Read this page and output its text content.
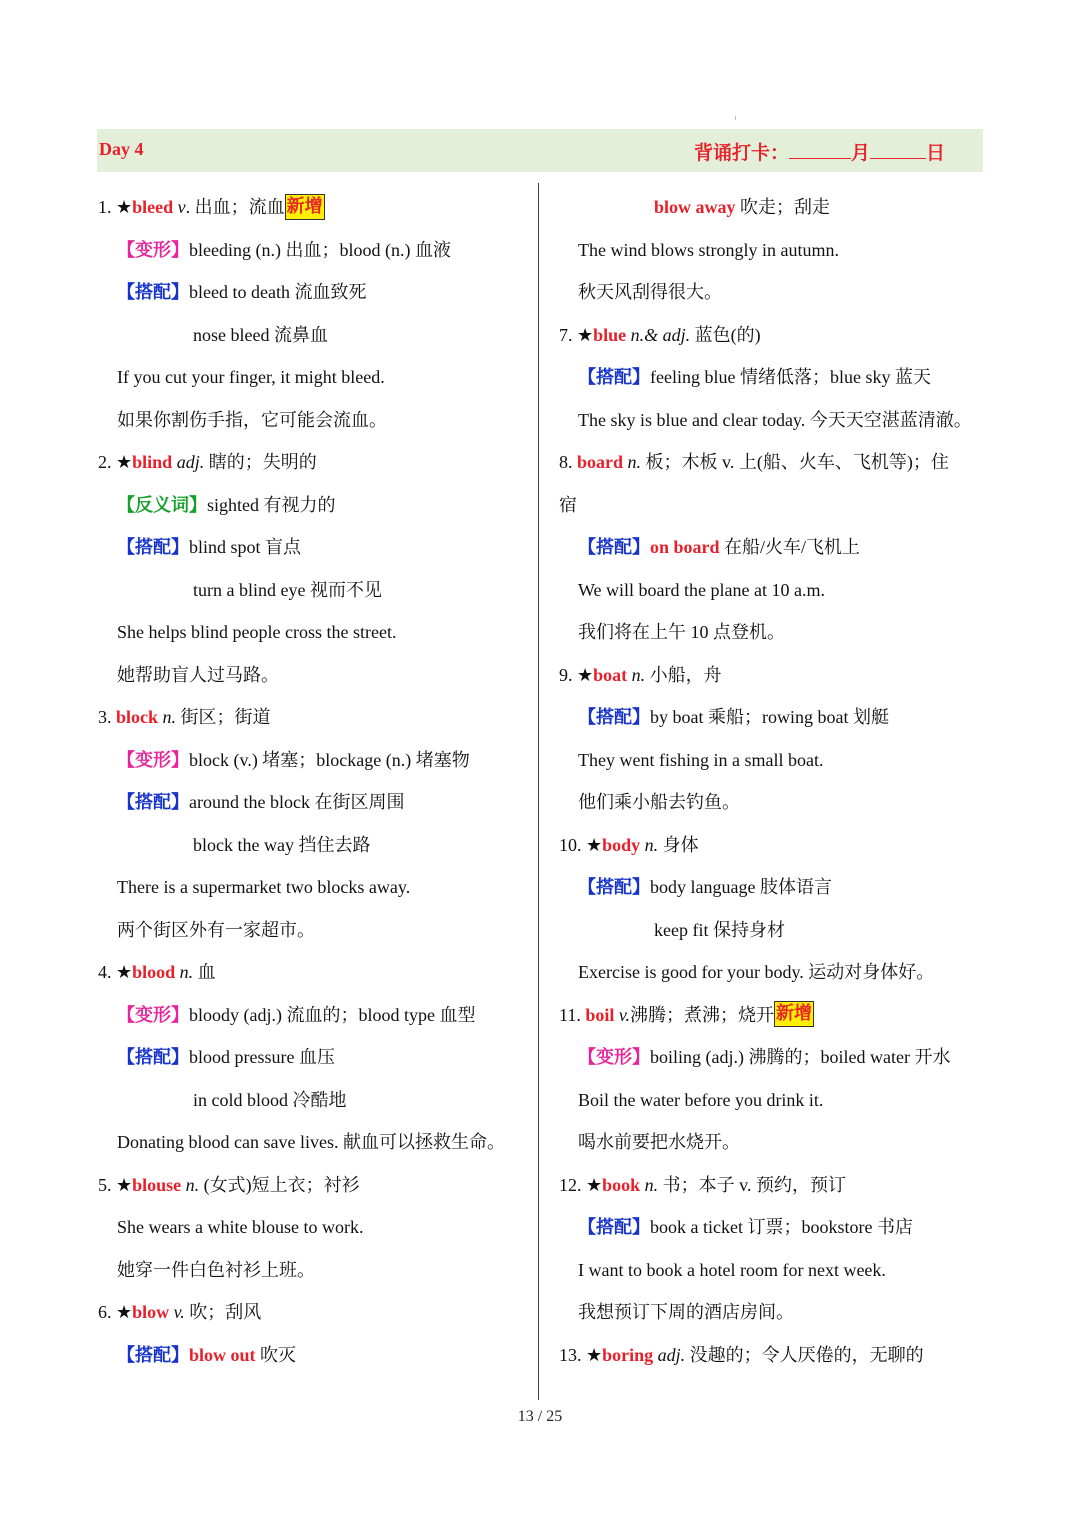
Day 4	背诵打卡：	月	日
1. ★bleed v. 出血；流血 新增
【变形】bleeding (n.) 出血；blood (n.) 血液
【搭配】bleed to death 流血致死
nose bleed 流鼻血
If you cut your finger, it might bleed.
如果你割伤手指，它可能会流血。
2. ★blind adj. 瞎的；失明的
【反义词】sighted 有视力的
【搭配】blind spot 盲点
turn a blind eye 视而不见
She helps blind people cross the street.
她帮助盲人过马路。
3. block n. 街区；街道
【变形】block (v.) 堵塞；blockage (n.) 堵塞物
【搭配】around the block 在街区周围
block the way 挡住去路
There is a supermarket two blocks away.
两个街区外有一家超市。
4. ★blood n. 血
【变形】bloody (adj.) 流血的；blood type 血型
【搭配】blood pressure 血压
in cold blood 冷酷地
Donating blood can save lives. 献血可以拯救生命。
5. ★blouse n. (女式)短上衣；衬衫
She wears a white blouse to work.
她穿一件白色衬衫上班。
6. ★blow v. 吹；刮风
【搭配】blow out 吹灭
blow away 吹走；刮走
The wind blows strongly in autumn.
秋天风刮得很大。
7. ★blue n.& adj. 蓝色(的)
【搭配】feeling blue 情绪低落；blue sky 蓝天
The sky is blue and clear today. 今天天空湛蓝清澈。
8. board n. 板；木板 v. 上(船、火车、飞机等)；住
宿
【搭配】on board 在船/火车/飞机上
We will board the plane at 10 a.m.
我们将在上午 10 点登机。
9. ★boat n. 小船，舟
【搭配】by boat 乘船；rowing boat 划艇
They went fishing in a small boat.
他们乘小船去钓鱼。
10. ★body n. 身体
【搭配】body language 肢体语言
keep fit 保持身材
Exercise is good for your body. 运动对身体好。
11. boil v.沸腾；煮沸；烧开 新增
【变形】boiling (adj.) 沸腾的；boiled water 开水
Boil the water before you drink it.
喝水前要把水烧开。
12. ★book n. 书；本子 v. 预约，预订
【搭配】book a ticket 订票；bookstore 书店
I want to book a hotel room for next week.
我想预订下周的酒店房间。
13. ★boring adj. 没趣的；令人厌倦的，无聊的
13 / 25
